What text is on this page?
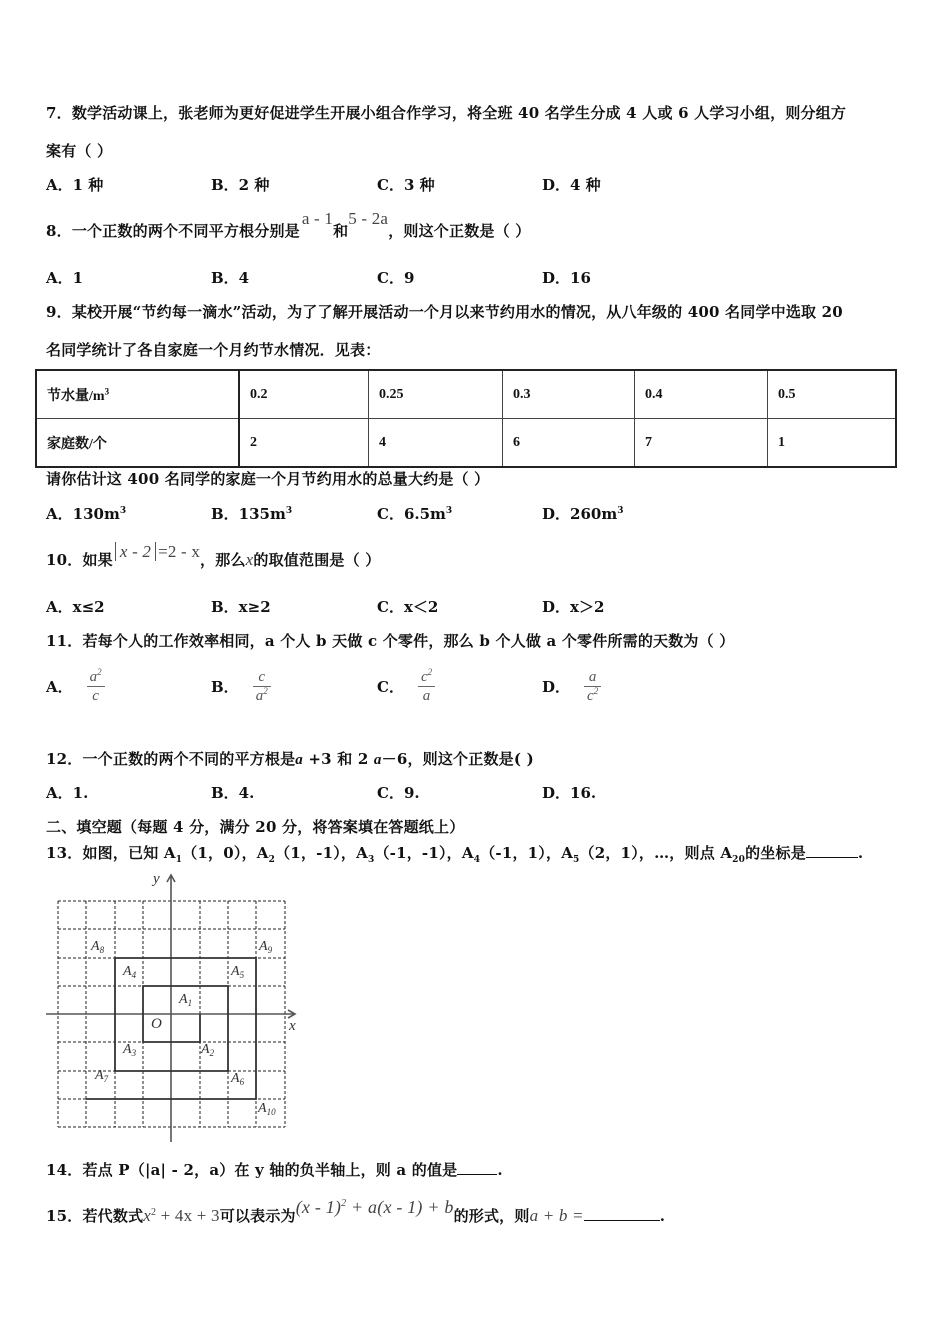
7．数学活动课上，张老师为更好促进学生开展小组合作学习，将全班 40 名学生分成 4 人或 6 人学习小组，则分组方
案有（ ）
A．1 种	B．2 种	C．3 种	D．4 种
8．一个正数的两个不同平方根分别是a - 1和5 - 2a，则这个正数是（ ）
A．1	B．4	C．9	D．16
9．某校开展“节约每一滴水”活动，为了了解开展活动一个月以来节约用水的情况，从八年级的 400 名同学中选取 20
名同学统计了各自家庭一个月约节水情况．见表：
节水量$/m^3$	0.2	0.25	0.3	0.4	0.5
家庭数/个	2	4	6	7	1
请你估计这 400 名同学的家庭一个月节约用水的总量大约是（ ）
A．$130m^3$	B．$135m^3$	C．$6.5m^3$	D．$260m^3$
10．如果 x - 2 =2 - x，那么x的取值范围是（ ）
A．x≤2	B．x≥2	C．x＜2	D．x＞2
11．若每个人的工作效率相同，a 个人 b 天做 c 个零件，那么 b 个人做 a 个零件所需的天数为（ ）
A． $\frac{a^2}{c}$	B． $\frac{c}{a^2}$	C． $\frac{c^2}{a}$	D． $\frac{a}{c^2}$
12．一个正数的两个不同的平方根是a +3 和 2 a－6，则这个正数是( )
A．1.	B．4.	C．9.	D．16.
二、填空题（每题 4 分，满分 20 分，将答案填在答题纸上）
13．如图，已知 $A_1(1$，0），$A_2(1$，-1），$A_3(-1$，-1），$A_4(-1$，1），$A_5(2$，1），…，则点 $A_{20}$的坐标是	.
y
x
O
$A_1$
$A_2$
$A_3$
$A_4$	$A_5$
$A_6$
$A_7$
$A_8$	$A_9$
$A_{10}$
14．若点 P（|a| - 2，a）在 y 轴的负半轴上，则 a 的值是	.
15．若代数式$x^2 + 4x + 3$可以表示为(x - 1)$^2$ + a(x - 1) + b的形式，则a + b =	.
